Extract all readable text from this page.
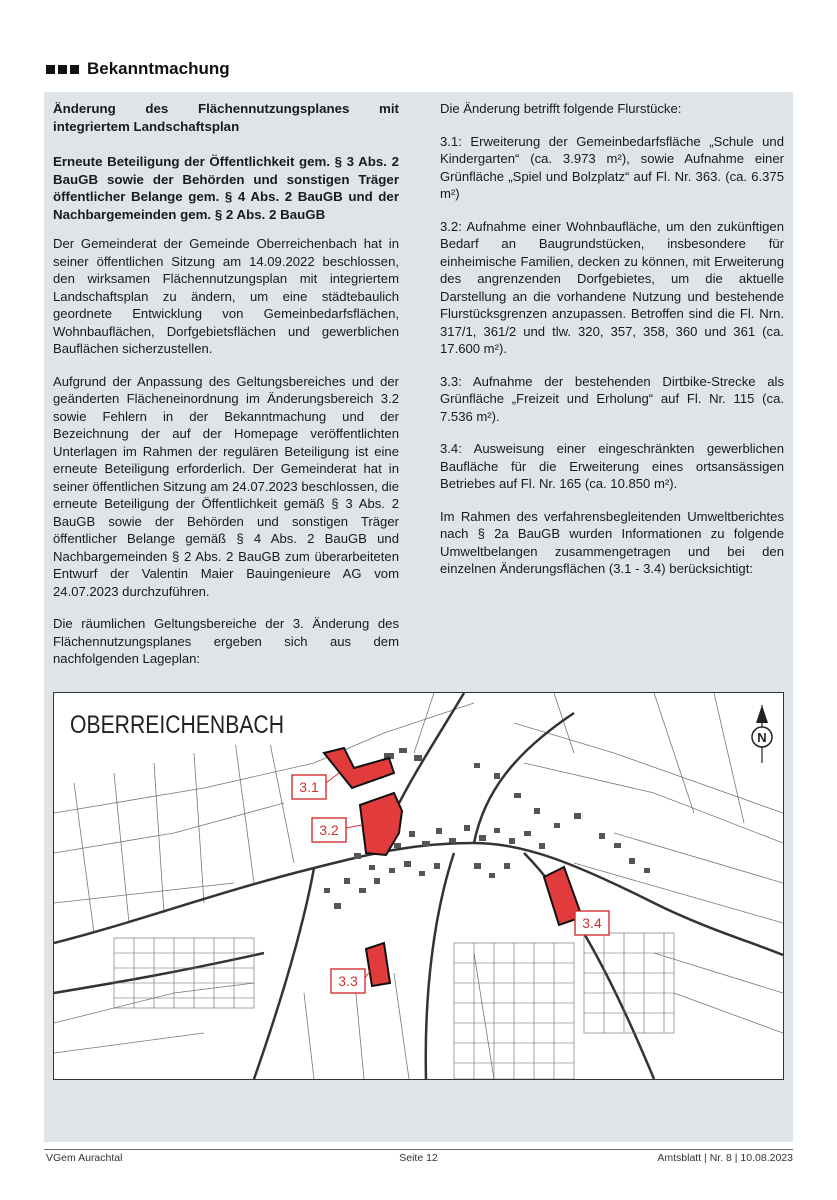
Bekanntmachung
Änderung des Flächennutzungsplanes mit integriertem Landschaftsplan
Erneute Beteiligung der Öffentlichkeit gem. § 3 Abs. 2 BauGB sowie der Behörden und sonstigen Träger öffentlicher Belange gem. § 4 Abs. 2 BauGB und der Nachbargemeinden gem. § 2 Abs. 2 BauGB

Der Gemeinderat der Gemeinde Oberreichenbach hat in seiner öffentlichen Sitzung am 14.09.2022 beschlossen, den wirksamen Flächennutzungsplan mit integriertem Landschaftsplan zu ändern, um eine städtebaulich geordnete Entwicklung von Gemeinbedarfsflächen, Wohnbauflächen, Dorfgebietsflächen und gewerblichen Bauflächen sicherzustellen.

Aufgrund der Anpassung des Geltungsbereiches und der geänderten Flächeneinordnung im Änderungsbereich 3.2 sowie Fehlern in der Bekanntmachung und der Bezeichnung der auf der Homepage veröffentlichten Unterlagen im Rahmen der regulären Beteiligung ist eine erneute Beteiligung erforderlich. Der Gemeinderat hat in seiner öffentlichen Sitzung am 24.07.2023 beschlossen, die erneute Beteiligung der Öffentlichkeit gemäß § 3 Abs. 2 BauGB sowie der Behörden und sonstigen Träger öffentlicher Belange gemäß § 4 Abs. 2 BauGB und Nachbargemeinden § 2 Abs. 2 BauGB zum überarbeiteten Entwurf der Valentin Maier Bauingenieure AG vom 24.07.2023 durchzuführen.

Die räumlichen Geltungsbereiche der 3. Änderung des Flächennutzungsplanes ergeben sich aus dem nachfolgenden Lageplan:

Die Änderung betrifft folgende Flurstücke:

3.1: Erweiterung der Gemeinbedarfsfläche „Schule und Kindergarten“ (ca. 3.973 m²), sowie Aufnahme einer Grünfläche „Spiel und Bolzplatz“ auf Fl. Nr. 363. (ca. 6.375 m²)

3.2: Aufnahme einer Wohnbaufläche, um den zukünftigen Bedarf an Baugrundstücken, insbesondere für einheimische Familien, decken zu können, mit Erweiterung des angrenzenden Dorfgebietes, um die aktuelle Darstellung an die vorhandene Nutzung und bestehende Flurstücksgrenzen anzupassen. Betroffen sind die Fl. Nrn. 317/1, 361/2 und tlw. 320, 357, 358, 360 und 361 (ca. 17.600 m²).

3.3: Aufnahme der bestehenden Dirtbike-Strecke als Grünfläche „Freizeit und Erholung“ auf Fl. Nr. 115 (ca. 7.536 m²).

3.4: Ausweisung einer eingeschränkten gewerblichen Baufläche für die Erweiterung eines ortsansässigen Betriebes auf Fl. Nr. 165 (ca. 10.850 m²).

Im Rahmen des verfahrensbegleitenden Umweltberichtes nach § 2a BauGB wurden Informationen zu folgende Umweltbelangen zusammengetragen und bei den einzelnen Änderungsflächen (3.1 - 3.4) berücksichtigt:

3.1
3.2
3.3
3.4
OBERREICHENBACH	N
VGem Aurachtal	Seite 12	Amtsblatt | Nr. 8 | 10.08.2023
